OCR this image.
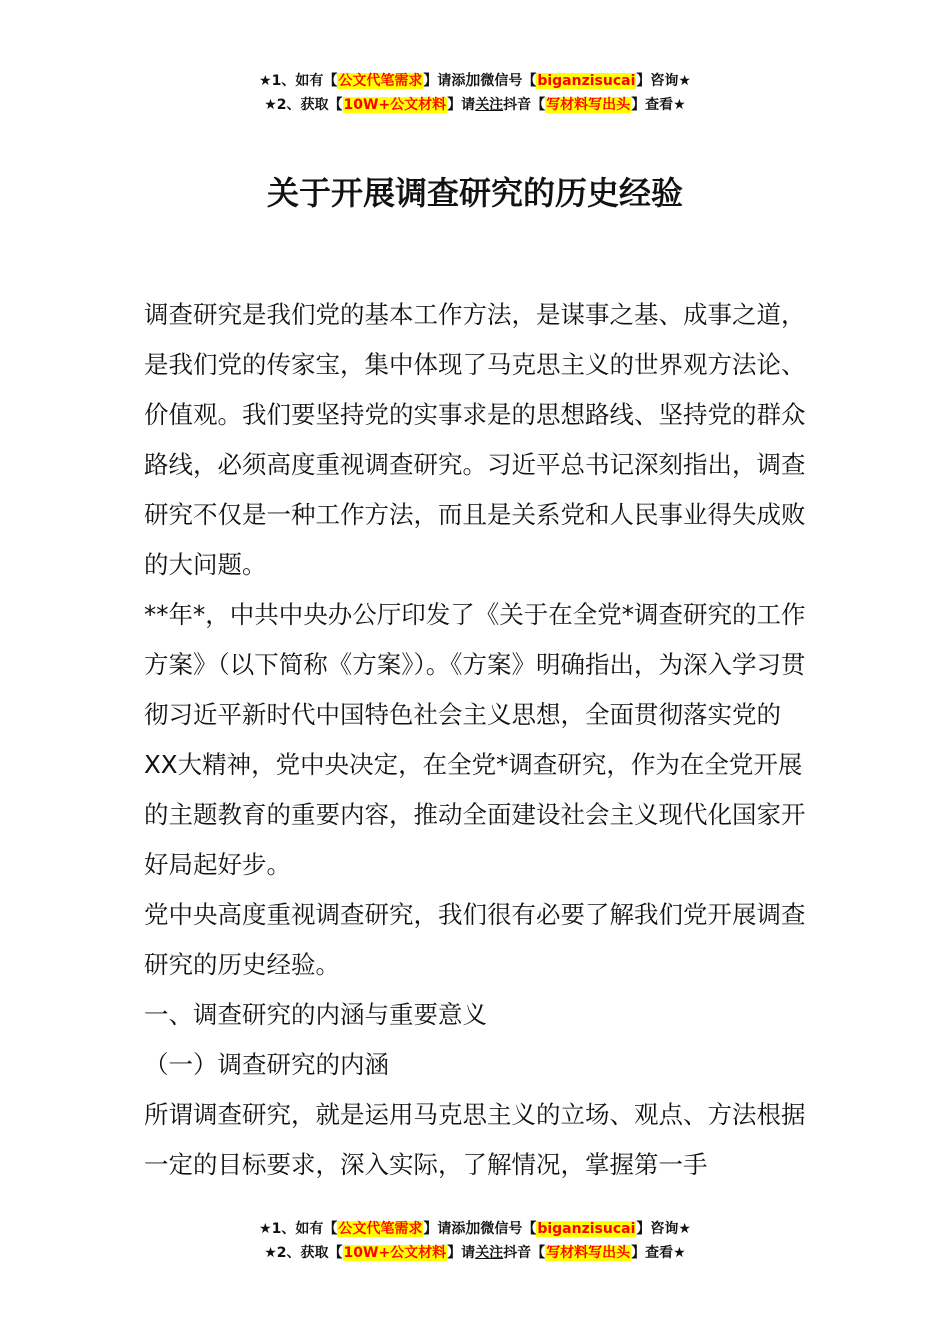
★1、如有【公文代笔需求】请添加微信号【biganzisucai】咨询★
★2、获取【10W+公文材料】请关注抖音【写材料写出头】查看★
关于开展调查研究的历史经验

调查研究是我们党的基本工作方法，是谋事之基、成事之道，是我们党的传家宝，集中体现了马克思主义的世界观方法论、价值观。我们要坚持党的实事求是的思想路线、坚持党的群众路线，必须高度重视调查研究。习近平总书记深刻指出，调查研究不仅是一种工作方法，而且是关系党和人民事业得失成败的大问题。

**年*，中共中央办公厅印发了《关于在全党*调查研究的工作方案》（以下简称《方案》）。《方案》明确指出，为深入学习贯彻习近平新时代中国特色社会主义思想，全面贯彻落实党的XX大精神，党中央决定，在全党*调查研究，作为在全党开展的主题教育的重要内容，推动全面建设社会主义现代化国家开好局起好步。

党中央高度重视调查研究，我们很有必要了解我们党开展调查研究的历史经验。

一、调查研究的内涵与重要意义

（一）调查研究的内涵

所谓调查研究，就是运用马克思主义的立场、观点、方法根据一定的目标要求，深入实际，了解情况，掌握第一手

★1、如有【公文代笔需求】请添加微信号【biganzisucai】咨询★
★2、获取【10W+公文材料】请关注抖音【写材料写出头】查看★
